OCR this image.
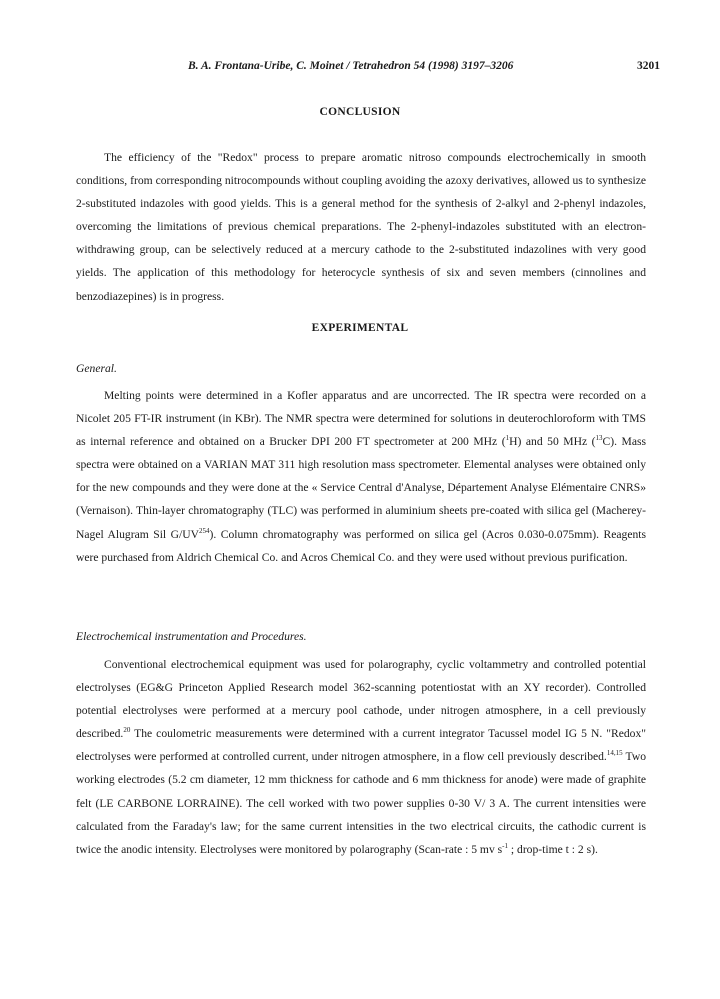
B. A. Frontana-Uribe, C. Moinet / Tetrahedron 54 (1998) 3197–3206	3201
CONCLUSION

The efficiency of the "Redox" process to prepare aromatic nitroso compounds electrochemically in smooth conditions, from corresponding nitrocompounds without coupling avoiding the azoxy derivatives, allowed us to synthesize 2-substituted indazoles with good yields. This is a general method for the synthesis of 2-alkyl and 2-phenyl indazoles, overcoming the limitations of previous chemical preparations. The 2-phenyl-indazoles substituted with an electron-withdrawing group, can be selectively reduced at a mercury cathode to the 2-substituted indazolines with very good yields. The application of this methodology for heterocycle synthesis of six and seven members (cinnolines and benzodiazepines) is in progress.

EXPERIMENTAL
General.

Melting points were determined in a Kofler apparatus and are uncorrected. The IR spectra were recorded on a Nicolet 205 FT-IR instrument (in KBr). The NMR spectra were determined for solutions in deuterochloroform with TMS as internal reference and obtained on a Brucker DPI 200 FT spectrometer at 200 MHz ($^1$H) and 50 MHz ($^{13}$C). Mass spectra were obtained on a VARIAN MAT 311 high resolution mass spectrometer. Elemental analyses were obtained only for the new compounds and they were done at the « Service Central d'Analyse, Département Analyse Elémentaire CNRS» (Vernaison). Thin-layer chromatography (TLC) was performed in aluminium sheets pre-coated with silica gel (Macherey-Nagel Alugram Sil G/UV$^{254}$). Column chromatography was performed on silica gel (Acros 0.030-0.075mm). Reagents were purchased from Aldrich Chemical Co. and Acros Chemical Co. and they were used without previous purification.

Electrochemical instrumentation and Procedures.

Conventional electrochemical equipment was used for polarography, cyclic voltammetry and controlled potential electrolyses (EG&G Princeton Applied Research model 362-scanning potentiostat with an XY recorder). Controlled potential electrolyses were performed at a mercury pool cathode, under nitrogen atmosphere, in a cell previously described.$^{20}$ The coulometric measurements were determined with a current integrator Tacussel model IG 5 N. "Redox" electrolyses were performed at controlled current, under nitrogen atmosphere, in a flow cell previously described.$^{14,15}$ Two working electrodes (5.2 cm diameter, 12 mm thickness for cathode and 6 mm thickness for anode) were made of graphite felt (LE CARBONE LORRAINE). The cell worked with two power supplies 0-30 V/ 3 A. The current intensities were calculated from the Faraday's law; for the same current intensities in the two electrical circuits, the cathodic current is twice the anodic intensity. Electrolyses were monitored by polarography (Scan-rate : 5 mv $s^{-1}$ ; drop-time t : 2 s).
